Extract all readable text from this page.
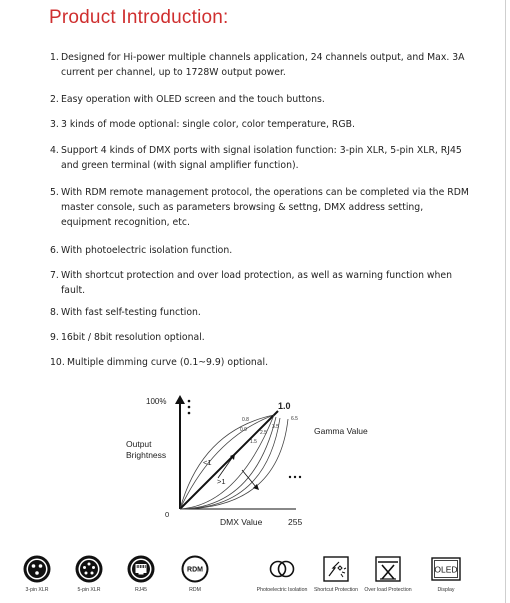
Product Introduction:
1. Designed for Hi-power multiple channels application, 24 channels output, and Max. 3A current per channel, up to 1728W output power.
2. Easy operation with OLED screen and the touch buttons.
3. 3 kinds of mode optional: single color, color temperature, RGB.
4. Support 4 kinds of DMX ports with signal isolation function: 3-pin XLR, 5-pin XLR, RJ45 and green terminal (with signal amplifier function).
5. With RDM remote management protocol, the operations can be completed via the RDM master console, such as parameters browsing & settng, DMX address setting, equipment recognition, etc.
6. With photoelectric isolation function.
7. With shortcut protection and over load protection, as well as warning function when fault.
8. With fast self-testing function.
9. 16bit / 8bit resolution optional.
10. Multiple dimming curve (0.1~9.9) optional.
100%
Output
Brightness
0
DMX Value	255
1.0
Gamma Value
<1
>1
0.8
0.9
1.5
2.5
3.5
6.5
3-pin XLR	5-pin XLR	RJ45
RDM
RDM	Photoelectric Isolation	Shortcut Protection	Over load Protection
OLED
Display
